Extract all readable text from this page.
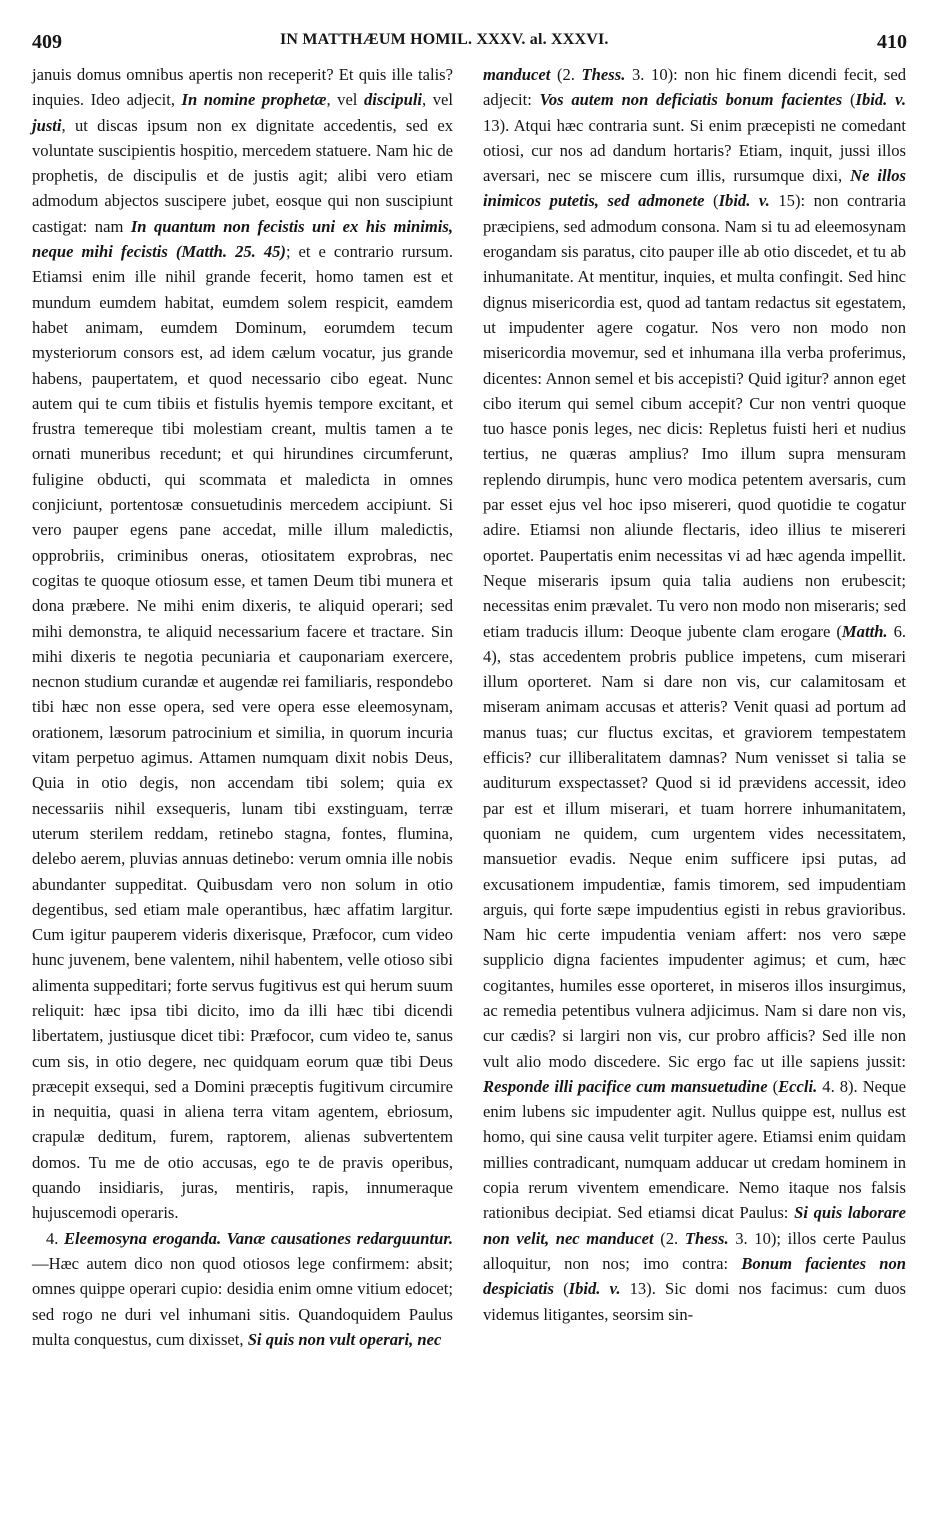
409	IN MATTHÆUM HOMIL. XXXV. al. XXXVI.	410

januis domus omnibus apertis non receperit? Et quis ille talis? inquies. Ideo adjecit, In nomine prophetæ, vel discipuli, vel justi, ut discas ipsum non ex dignitate accedentis, sed ex voluntate suscipientis hospitio, mercedem statuere. Nam hic de prophetis, de discipulis et de justis agit; alibi vero etiam admodum abjectos suscipere jubet, eosque qui non suscipiunt castigat: nam In quantum non fecistis uni ex his minimis, neque mihi fecistis (Matth. 25. 45); et e contrario rursum. Etiamsi enim ille nihil grande fecerit, homo tamen est et mundum eumdem habitat, eumdem solem respicit, eamdem habet animam, eumdem Dominum, eorumdem tecum mysteriorum consors est, ad idem cælum vocatur, jus grande habens, paupertatem, et quod necessario cibo egeat. Nunc autem qui te cum tibiis et fistulis hyemis tempore excitant, et frustra temereque tibi molestiam creant, multis tamen a te ornati muneribus recedunt; et qui hirundines circumferunt, fuligine obducti, qui scommata et maledicta in omnes conjiciunt, portentosæ consuetudinis mercedem accipiunt. Si vero pauper egens pane accedat, mille illum maledictis, opprobriis, criminibus oneras, otiositatem exprobras, nec cogitas te quoque otiosum esse, et tamen Deum tibi munera et dona præbere. Ne mihi enim dixeris, te aliquid operari; sed mihi demonstra, te aliquid necessarium facere et tractare. Sin mihi dixeris te negotia pecuniaria et cauponariam exercere, necnon studium curandæ et augendæ rei familiaris, respondebo tibi hæc non esse opera, sed vere opera esse eleemosynam, orationem, læsorum patrocinium et similia, in quorum incuria vitam perpetuo agimus. Attamen numquam dixit nobis Deus, Quia in otio degis, non accendam tibi solem; quia ex necessariis nihil exsequeris, lunam tibi exstinguam, terræ uterum sterilem reddam, retinebo stagna, fontes, flumina, delebo aerem, pluvias annuas detinebo: verum omnia ille nobis abundanter suppeditat. Quibusdam vero non solum in otio degentibus, sed etiam male operantibus, hæc affatim largitur. Cum igitur pauperem videris dixerisque, Præfocor, cum video hunc juvenem, bene valentem, nihil habentem, velle otioso sibi alimenta suppeditari; forte servus fugitivus est qui herum suum reliquit: hæc ipsa tibi dicito, imo da illi hæc tibi dicendi libertatem, justiusque dicet tibi: Præfocor, cum video te, sanus cum sis, in otio degere, nec quidquam eorum quæ tibi Deus præcepit exsequi, sed a Domini præceptis fugitivum circumire in nequitia, quasi in aliena terra vitam agentem, ebriosum, crapulæ deditum, furem, raptorem, alienas subvertentem domos. Tu me de otio accusas, ego te de pravis operibus, quando insidiaris, juras, mentiris, rapis, innumeraque hujuscemodi operaris.
4. Eleemosyna eroganda. Vanæ causationes redarguuntur.—Hæc autem dico non quod otiosos lege confirmem: absit; omnes quippe operari cupio: desidia enim omne vitium edocet; sed rogo ne duri vel inhumani sitis. Quandoquidem Paulus multa conquestus, cum dixisset, Si quis non vult operari, nec

manducet (2. Thess. 3. 10): non hic finem dicendi fecit, sed adjecit: Vos autem non deficiatis bonum facientes (Ibid. v. 13). Atqui hæc contraria sunt. Si enim præcepisti ne comedant otiosi, cur nos ad dandum hortaris? Etiam, inquit, jussi illos aversari, nec se miscere cum illis, rursumque dixi, Ne illos inimicos putetis, sed admonete (Ibid. v. 15): non contraria præcipiens, sed admodum consona. Nam si tu ad eleemosynam erogandam sis paratus, cito pauper ille ab otio discedet, et tu ab inhumanitate. At mentitur, inquies, et multa confingit. Sed hinc dignus misericordia est, quod ad tantam redactus sit egestatem, ut impudenter agere cogatur. Nos vero non modo non misericordia movemur, sed et inhumana illa verba proferimus, dicentes: Annon semel et bis accepisti? Quid igitur? annon eget cibo iterum qui semel cibum accepit? Cur non ventri quoque tuo hasce ponis leges, nec dicis: Repletus fuisti heri et nudius tertius, ne quæras amplius? Imo illum supra mensuram replendo dirumpis, hunc vero modica petentem aversaris, cum par esset ejus vel hoc ipso misereri, quod quotidie te cogatur adire. Etiamsi non aliunde flectaris, ideo illius te misereri oportet. Paupertatis enim necessitas vi ad hæc agenda impellit. Neque miseraris ipsum quia talia audiens non erubescit; necessitas enim prævalet. Tu vero non modo non miseraris; sed etiam traducis illum: Deoque jubente clam erogare (Matth. 6. 4), stas accedentem probris publice impetens, cum miserari illum oporteret. Nam si dare non vis, cur calamitosam et miseram animam accusas et atteris? Venit quasi ad portum ad manus tuas; cur fluctus excitas, et graviorem tempestatem efficis? cur illiberalitatem damnas? Num venisset si talia se auditurum exspectasset? Quod si id prævidens accessit, ideo par est et illum miserari, et tuam horrere inhumanitatem, quoniam ne quidem, cum urgentem vides necessitatem, mansuetior evadis. Neque enim sufficere ipsi putas, ad excusationem impudentiæ, famis timorem, sed impudentiam arguis, qui forte sæpe impudentius egisti in rebus gravioribus. Nam hic certe impudentia veniam affert: nos vero sæpe supplicio digna facientes impudenter agimus; et cum, hæc cogitantes, humiles esse oporteret, in miseros illos insurgimus, ac remedia petentibus vulnera adjicimus. Nam si dare non vis, cur cædis? si largiri non vis, cur probro afficis? Sed ille non vult alio modo discedere. Sic ergo fac ut ille sapiens jussit: Responde illi pacifice cum mansuetudine (Eccli. 4. 8). Neque enim lubens sic impudenter agit. Nullus quippe est, nullus est homo, qui sine causa velit turpiter agere. Etiamsi enim quidam millies contradicant, numquam adducar ut credam hominem in copia rerum viventem emendicare. Nemo itaque nos falsis rationibus decipiat. Sed etiamsi dicat Paulus: Si quis laborare non velit, nec manducet (2. Thess. 3. 10); illos certe Paulus alloquitur, non nos; imo contra: Bonum facientes non despiciatis (Ibid. v. 13). Sic domi nos facimus: cum duos videmus litigantes, seorsim sin-
